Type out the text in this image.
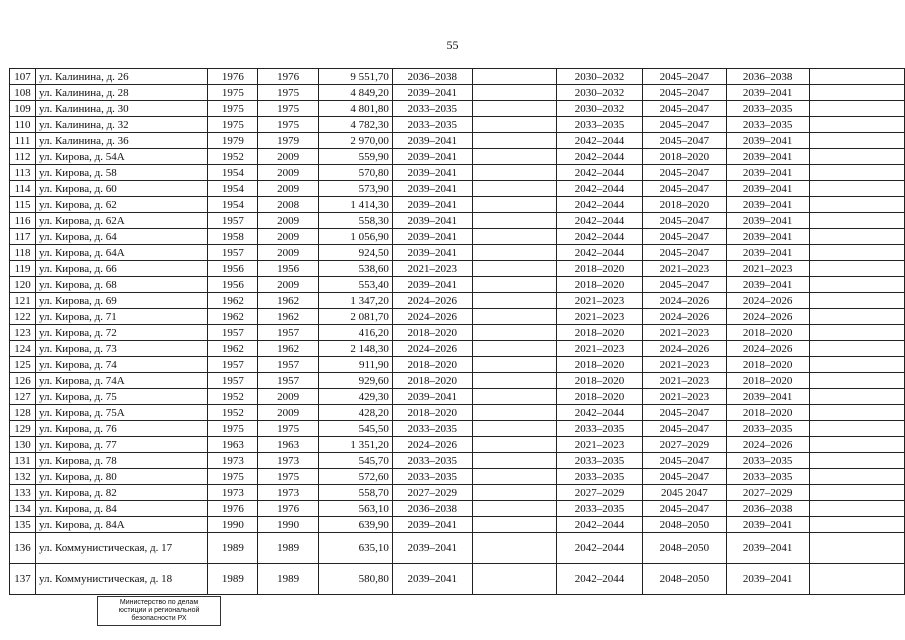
55
107	ул. Калинина, д. 26	1976	1976	9 551,70	2036–2038		2030–2032	2045–2047	2036–2038	
108	ул. Калинина, д. 28	1975	1975	4 849,20	2039–2041		2030–2032	2045–2047	2039–2041	
109	ул. Калинина, д. 30	1975	1975	4 801,80	2033–2035		2030–2032	2045–2047	2033–2035	
110	ул. Калинина, д. 32	1975	1975	4 782,30	2033–2035		2033–2035	2045–2047	2033–2035	
111	ул. Калинина, д. 36	1979	1979	2 970,00	2039–2041		2042–2044	2045–2047	2039–2041	
112	ул. Кирова, д. 54А	1952	2009	559,90	2039–2041		2042–2044	2018–2020	2039–2041	
113	ул. Кирова, д. 58	1954	2009	570,80	2039–2041		2042–2044	2045–2047	2039–2041	
114	ул. Кирова, д. 60	1954	2009	573,90	2039–2041		2042–2044	2045–2047	2039–2041	
115	ул. Кирова, д. 62	1954	2008	1 414,30	2039–2041		2042–2044	2018–2020	2039–2041	
116	ул. Кирова, д. 62А	1957	2009	558,30	2039–2041		2042–2044	2045–2047	2039–2041	
117	ул. Кирова, д. 64	1958	2009	1 056,90	2039–2041		2042–2044	2045–2047	2039–2041	
118	ул. Кирова, д. 64А	1957	2009	924,50	2039–2041		2042–2044	2045–2047	2039–2041	
119	ул. Кирова, д. 66	1956	1956	538,60	2021–2023		2018–2020	2021–2023	2021–2023	
120	ул. Кирова, д. 68	1956	2009	553,40	2039–2041		2018–2020	2045–2047	2039–2041	
121	ул. Кирова, д. 69	1962	1962	1 347,20	2024–2026		2021–2023	2024–2026	2024–2026	
122	ул. Кирова, д. 71	1962	1962	2 081,70	2024–2026		2021–2023	2024–2026	2024–2026	
123	ул. Кирова, д. 72	1957	1957	416,20	2018–2020		2018–2020	2021–2023	2018–2020	
124	ул. Кирова, д. 73	1962	1962	2 148,30	2024–2026		2021–2023	2024–2026	2024–2026	
125	ул. Кирова, д. 74	1957	1957	911,90	2018–2020		2018–2020	2021–2023	2018–2020	
126	ул. Кирова, д. 74А	1957	1957	929,60	2018–2020		2018–2020	2021–2023	2018–2020	
127	ул. Кирова, д. 75	1952	2009	429,30	2039–2041		2018–2020	2021–2023	2039–2041	
128	ул. Кирова, д. 75А	1952	2009	428,20	2018–2020		2042–2044	2045–2047	2018–2020	
129	ул. Кирова, д. 76	1975	1975	545,50	2033–2035		2033–2035	2045–2047	2033–2035	
130	ул. Кирова, д. 77	1963	1963	1 351,20	2024–2026		2021–2023	2027–2029	2024–2026	
131	ул. Кирова, д. 78	1973	1973	545,70	2033–2035		2033–2035	2045–2047	2033–2035	
132	ул. Кирова, д. 80	1975	1975	572,60	2033–2035		2033–2035	2045–2047	2033–2035	
133	ул. Кирова, д. 82	1973	1973	558,70	2027–2029		2027–2029	2045 2047	2027–2029	
134	ул. Кирова, д. 84	1976	1976	563,10	2036–2038		2033–2035	2045–2047	2036–2038	
135	ул. Кирова, д. 84А	1990	1990	639,90	2039–2041		2042–2044	2048–2050	2039–2041	
136	ул. Коммунистическая, д. 17	1989	1989	635,10	2039–2041		2042–2044	2048–2050	2039–2041	
137	ул. Коммунистическая, д. 18	1989	1989	580,80	2039–2041		2042–2044	2048–2050	2039–2041	
Министерство по делам
юстиции и региональной
безопасности РХ
